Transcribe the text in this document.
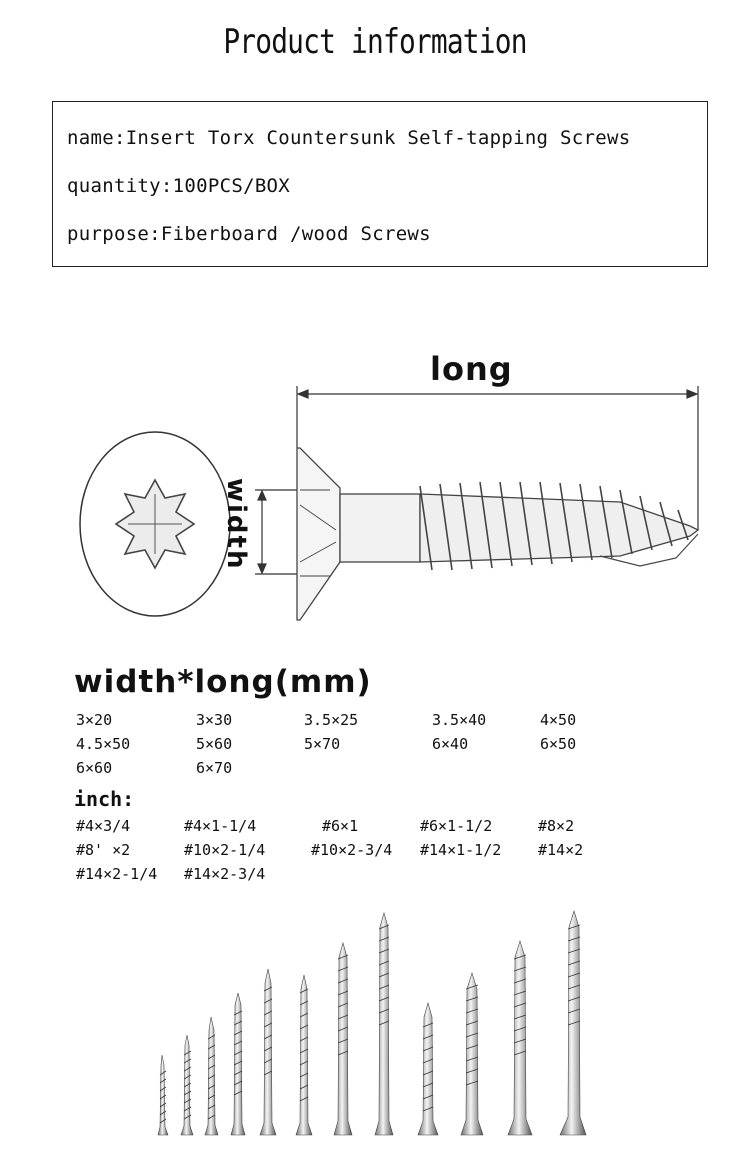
Product information
name:Insert Torx Countersunk Self-tapping Screws
quantity:100PCS/BOX
purpose:Fiberboard /wood Screws
long
width
width*long(mm)
3×20	3×30	3.5×25	3.5×40	4×50
4.5×50	5×60	5×70	6×40	6×50
6×60	6×70
inch:
#4×3/4	#4×1-1/4	#6×1	#6×1-1/2	#8×2
#8' ×2	#10×2-1/4	#10×2-3/4 #14×1-1/2 #14×2
#14×2-1/4 #14×2-3/4
